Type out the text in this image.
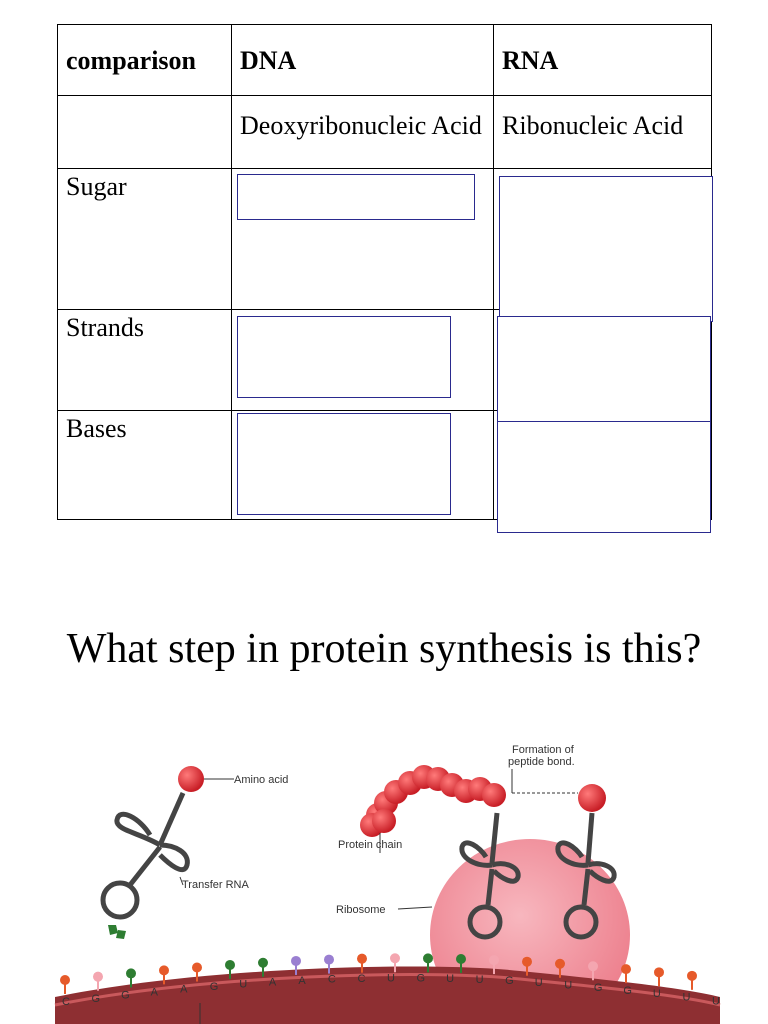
comparison	DNA	RNA
	Deoxyribonucleic Acid	Ribonucleic Acid
Sugar	

Strands	

Bases	

What step in protein synthesis is this?
C G G A A G U A A C C U G U U G U U G G U U U
Amino acid
Transfer RNA
Formation of
peptide bond.
Protein chain
Ribosome
